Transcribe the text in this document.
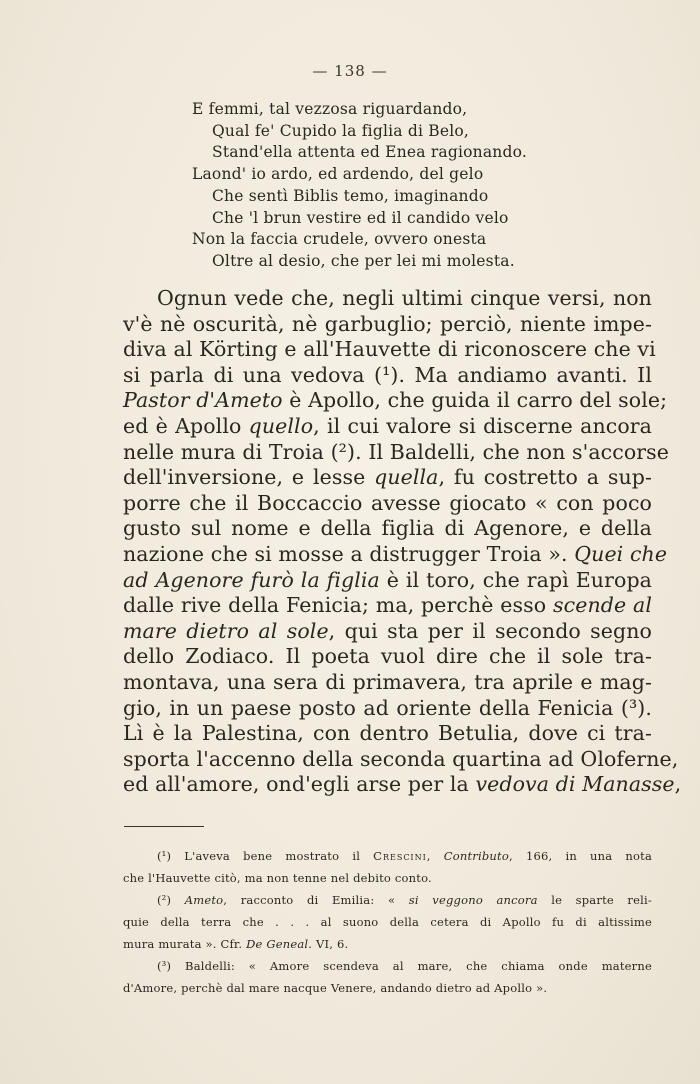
— 138 —
E femmi, tal vezzosa riguardando,
Qual fe' Cupido la figlia di Belo,
Stand'ella attenta ed Enea ragionando.
Laond' io ardo, ed ardendo, del gelo
Che sentì Biblis temo, imaginando
Che 'l brun vestire ed il candido velo
Non la faccia crudele, ovvero onesta
Oltre al desio, che per lei mi molesta.
Ognun vede che, negli ultimi cinque versi, non
v'è nè oscurità, nè garbuglio; perciò, niente impe-
diva al Körting e all'Hauvette di riconoscere che vi
si parla di una vedova (¹). Ma andiamo avanti. Il
Pastor d'Ameto è Apollo, che guida il carro del sole;
ed è Apollo quello, il cui valore si discerne ancora
nelle mura di Troia (²). Il Baldelli, che non s'accorse
dell'inversione, e lesse quella, fu costretto a sup-
porre che il Boccaccio avesse giocato « con poco
gusto sul nome e della figlia di Agenore, e della
nazione che si mosse a distrugger Troia ». Quei che
ad Agenore furò la figlia è il toro, che rapì Europa
dalle rive della Fenicia; ma, perchè esso scende al
mare dietro al sole, qui sta per il secondo segno
dello Zodiaco. Il poeta vuol dire che il sole tra-
montava, una sera di primavera, tra aprile e mag-
gio, in un paese posto ad oriente della Fenicia (³).
Lì è la Palestina, con dentro Betulia, dove ci tra-
sporta l'accenno della seconda quartina ad Oloferne,
ed all'amore, ond'egli arse per la vedova di Manasse,
(¹) L'aveva bene mostrato il Crescini, Contributo, 166, in una nota
che l'Hauvette citò, ma non tenne nel debito conto.
(²) Ameto, racconto di Emilia: « si veggono ancora le sparte reli-
quie della terra che . . . al suono della cetera di Apollo fu di altissime
mura murata ». Cfr. De Geneal. VI, 6.
(³) Baldelli: « Amore scendeva al mare, che chiama onde materne
d'Amore, perchè dal mare nacque Venere, andando dietro ad Apollo ».
